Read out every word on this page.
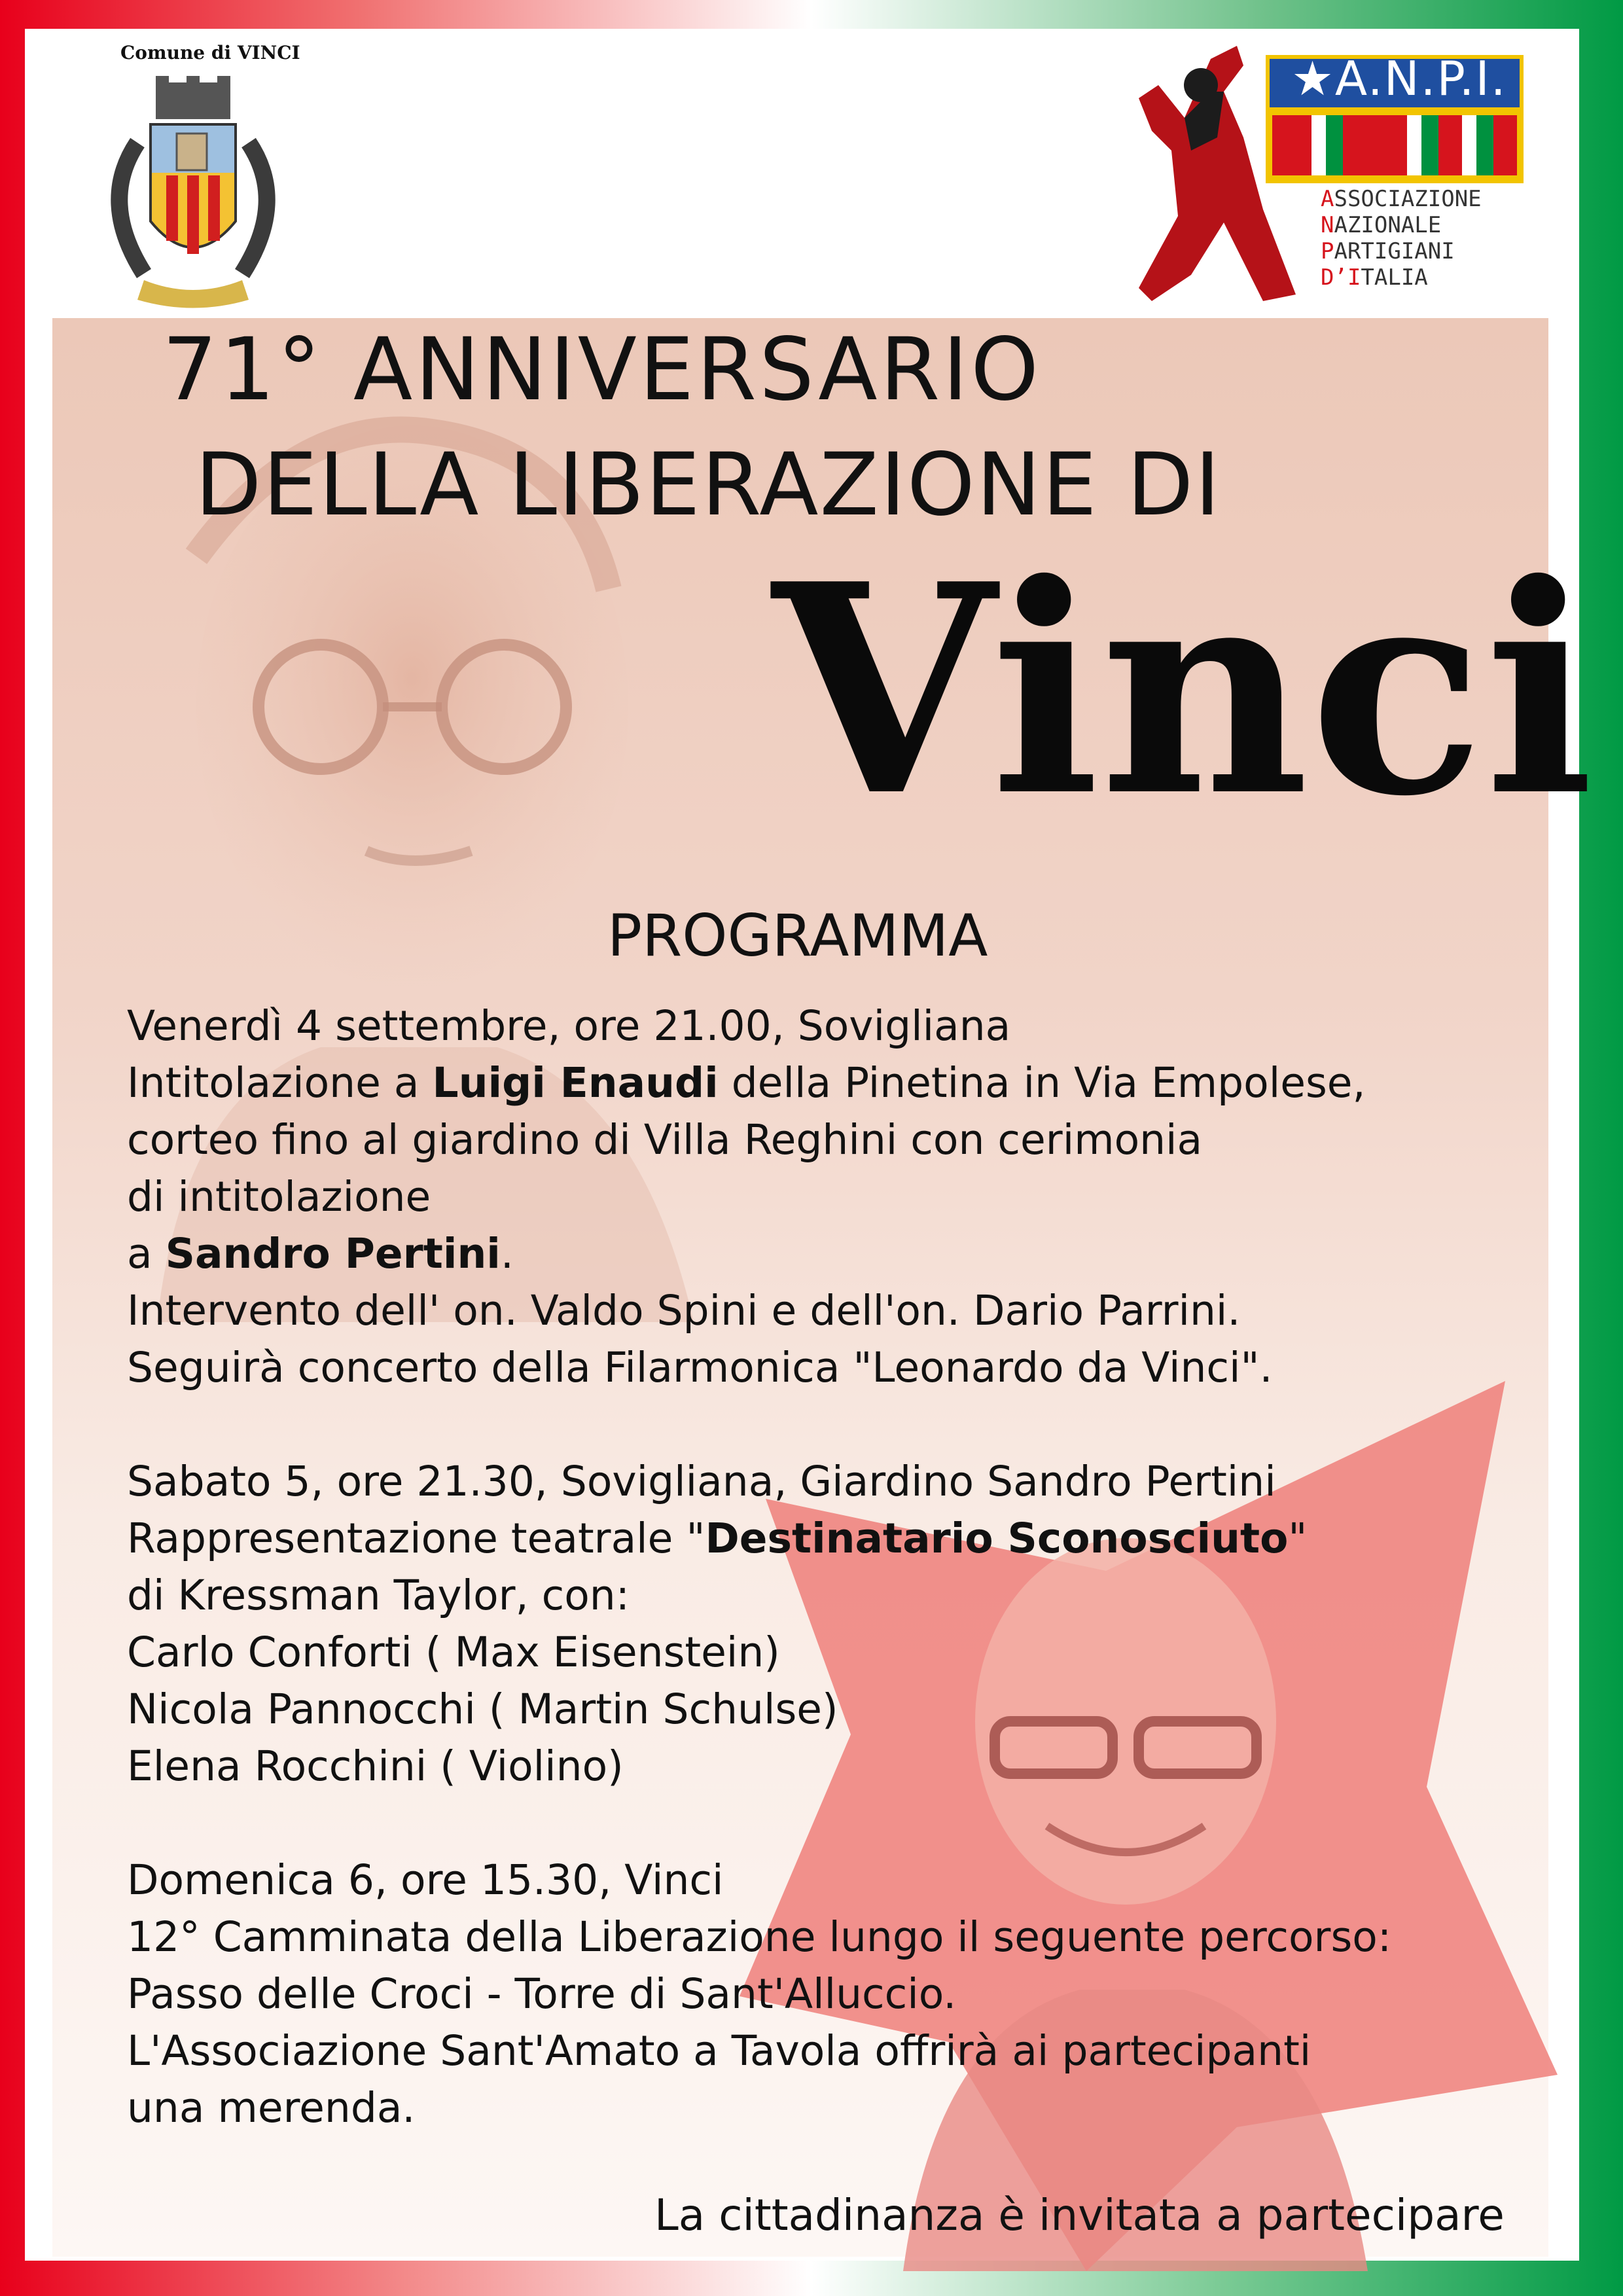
Comune di VINCI	★A.N.P.I.
ASSOCIAZIONE
NAZIONALE
PARTIGIANI
D’ITALIA
71° ANNIVERSARIO
DELLA LIBERAZIONE DI
Vinci
PROGRAMMA
Venerdì 4 settembre, ore 21.00, Sovigliana
Intitolazione a Luigi Enaudi della Pinetina in Via Empolese,
corteo fino al giardino di Villa Reghini con cerimonia
di intitolazione
a Sandro Pertini.
Intervento dell' on. Valdo Spini e dell'on. Dario Parrini.
Seguirà concerto della Filarmonica "Leonardo da Vinci".
Sabato 5, ore 21.30, Sovigliana, Giardino Sandro Pertini
Rappresentazione teatrale "Destinatario Sconosciuto"
di Kressman Taylor, con:
Carlo Conforti ( Max Eisenstein)
Nicola Pannocchi ( Martin Schulse)
Elena Rocchini ( Violino)
Domenica 6, ore 15.30, Vinci
12° Camminata della Liberazione lungo il seguente percorso:
Passo delle Croci - Torre di Sant'Alluccio.
L'Associazione Sant'Amato a Tavola offrirà ai partecipanti
una merenda.
La cittadinanza è invitata a partecipare
